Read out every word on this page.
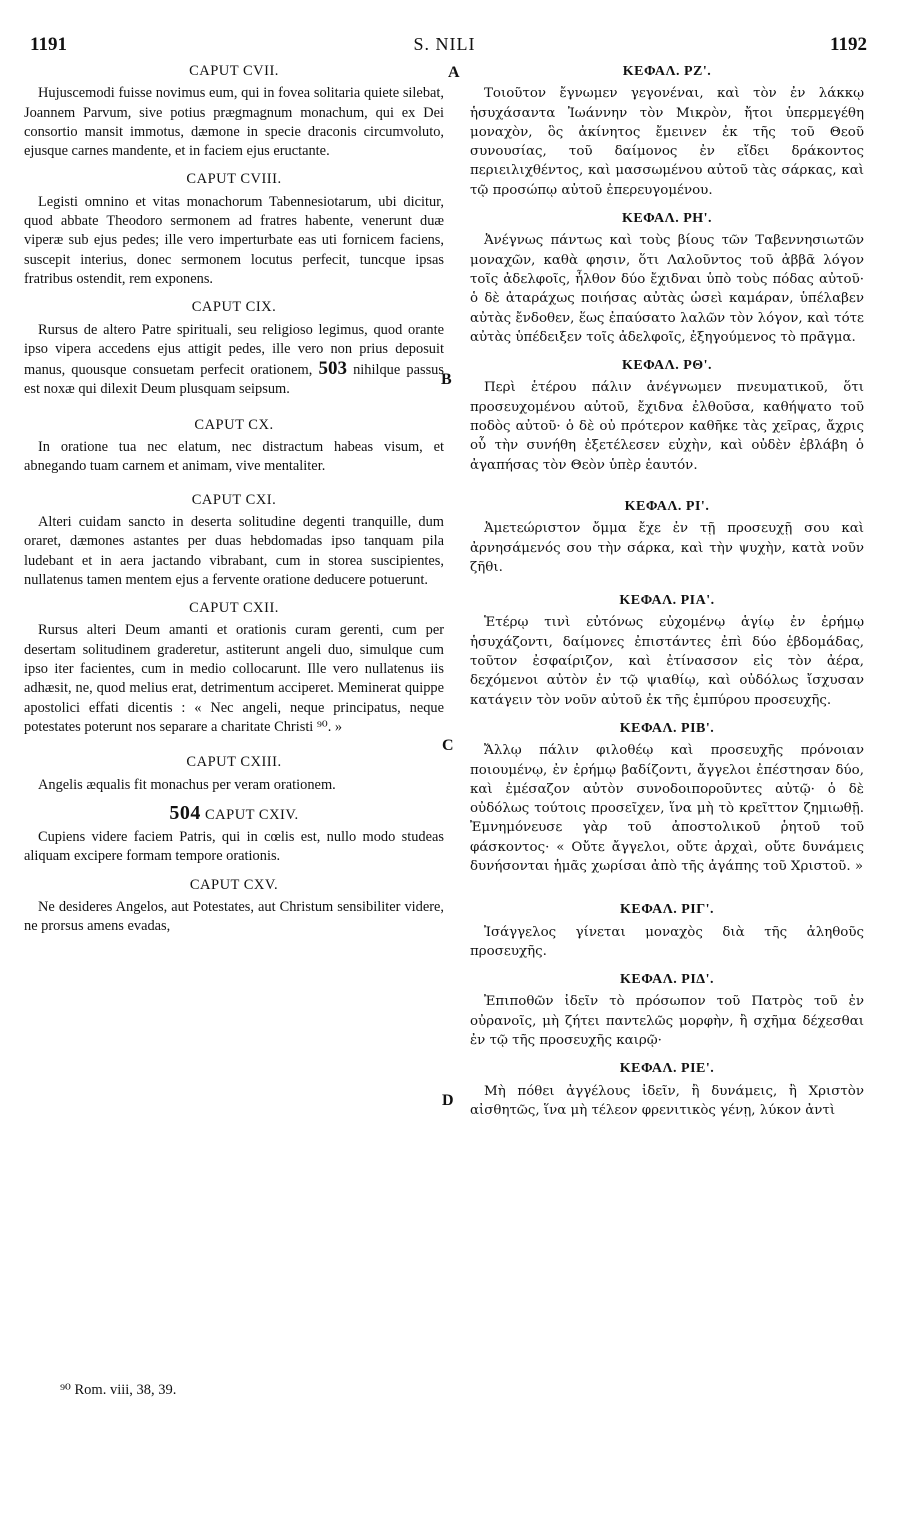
1191	S. NILI	1192
A
B
C
D
CAPUT CVII.

Hujuscemodi fuisse novimus eum, qui in fovea solitaria quiete silebat, Joannem Parvum, sive potius prægmagnum monachum, qui ex Dei consortio mansit immotus, dæmone in specie draconis circumvoluto, ejusque carnes mandente, et in faciem ejus eructante.

CAPUT CVIII.

Legisti omnino et vitas monachorum Tabennesiotarum, ubi dicitur, quod abbate Theodoro sermonem ad fratres habente, venerunt duæ viperæ sub ejus pedes; ille vero imperturbate eas uti fornicem faciens, suscepit interius, donec sermonem locutus perfecit, tuncque ipsas fratribus ostendit, rem exponens.

CAPUT CIX.

Rursus de altero Patre spirituali, seu religioso legimus, quod orante ipso vipera accedens ejus attigit pedes, ille vero non prius deposuit manus, quousque consuetam perfecit orationem, 503 nihilque passus est noxæ qui dilexit Deum plusquam seipsum.

CAPUT CX.

In oratione tua nec elatum, nec distractum habeas visum, et abnegando tuam carnem et animam, vive mentaliter.

CAPUT CXI.

Alteri cuidam sancto in deserta solitudine degenti tranquille, dum oraret, dæmones astantes per duas hebdomadas ipso tanquam pila ludebant et in aera jactando vibrabant, cum in storea suscipientes, nullatenus tamen mentem ejus a fervente oratione deducere potuerunt.

CAPUT CXII.

Rursus alteri Deum amanti et orationis curam gerenti, cum per desertam solitudinem graderetur, astiterunt angeli duo, simulque cum ipso iter facientes, cum in medio collocarunt. Ille vero nullatenus iis adhæsit, ne, quod melius erat, detrimentum acciperet. Meminerat quippe apostolici effati dicentis : « Nec angeli, neque principatus, neque potestates poterunt nos separare a charitate Christi ⁹⁰. »

CAPUT CXIII.

Angelis æqualis fit monachus per veram orationem.

504 CAPUT CXIV.

Cupiens videre faciem Patris, qui in cœlis est, nullo modo studeas aliquam excipere formam tempore orationis.

CAPUT CXV.

Ne desideres Angelos, aut Potestates, aut Christum sensibiliter videre, ne prorsus amens evadas,

ΚΕΦΑΛ. ΡΖ'.

Τοιοῦτον ἔγνωμεν γεγονέναι, καὶ τὸν ἐν λάκκῳ ἡσυχάσαντα Ἰωάννην τὸν Μικρὸν, ἤτοι ὑπερμεγέθη μοναχὸν, ὃς ἀκίνητος ἔμεινεν ἐκ τῆς τοῦ Θεοῦ συνουσίας, τοῦ δαίμονος ἐν εἴδει δράκοντος περιειλιχθέντος, καὶ μασσωμένου αὐτοῦ τὰς σάρκας, καὶ τῷ προσώπῳ αὐτοῦ ἐπερευγομένου.

ΚΕΦΑΛ. ΡΗ'.

Ἀνέγνως πάντως καὶ τοὺς βίους τῶν Ταβεννησιωτῶν μοναχῶν, καθὰ φησιν, ὅτι Λαλοῦντος τοῦ ἀββᾶ λόγον τοῖς ἀδελφοῖς, ἦλθον δύο ἔχιδναι ὑπὸ τοὺς πόδας αὐτοῦ· ὁ δὲ ἀταράχως ποιήσας αὐτὰς ὡσεὶ καμάραν, ὑπέλαβεν αὐτὰς ἔνδοθεν, ἕως ἐπαύσατο λαλῶν τὸν λόγον, καὶ τότε αὐτὰς ὑπέδειξεν τοῖς ἀδελφοῖς, ἐξηγούμενος τὸ πρᾶγμα.

ΚΕΦΑΛ. ΡΘ'.

Περὶ ἑτέρου πάλιν ἀνέγνωμεν πνευματικοῦ, ὅτι προσευχομένου αὐτοῦ, ἔχιδνα ἐλθοῦσα, καθήψατο τοῦ ποδὸς αὐτοῦ· ὁ δὲ οὐ πρότερον καθῆκε τὰς χεῖρας, ἄχρις οὗ τὴν συνήθη ἐξετέλεσεν εὐχὴν, καὶ οὐδὲν ἐβλάβη ὁ ἀγαπήσας τὸν Θεὸν ὑπὲρ ἑαυτόν.

ΚΕΦΑΛ. ΡΙ'.

Ἀμετεώριστον ὄμμα ἔχε ἐν τῇ προσευχῇ σου καὶ ἀρνησάμενός σου τὴν σάρκα, καὶ τὴν ψυχὴν, κατὰ νοῦν ζῆθι.

ΚΕΦΑΛ. ΡΙΑ'.

Ἑτέρῳ τινὶ εὐτόνως εὐχομένῳ ἁγίῳ ἐν ἐρήμῳ ἡσυχάζοντι, δαίμονες ἐπιστάντες ἐπὶ δύο ἑβδομάδας, τοῦτον ἐσφαίριζον, καὶ ἐτίνασσον εἰς τὸν ἀέρα, δεχόμενοι αὐτὸν ἐν τῷ ψιαθίῳ, καὶ οὐδόλως ἴσχυσαν κατάγειν τὸν νοῦν αὐτοῦ ἐκ τῆς ἐμπύρου προσευχῆς.

ΚΕΦΑΛ. ΡΙΒ'.

Ἄλλῳ πάλιν φιλοθέῳ καὶ προσευχῆς πρόνοιαν ποιουμένῳ, ἐν ἐρήμῳ βαδίζοντι, ἄγγελοι ἐπέστησαν δύο, καὶ ἐμέσαζον αὐτὸν συνοδοιποροῦντες αὐτῷ· ὁ δὲ οὐδόλως τούτοις προσεῖχεν, ἵνα μὴ τὸ κρεῖττον ζημιωθῇ. Ἐμνημόνευσε γὰρ τοῦ ἀποστολικοῦ ῥητοῦ τοῦ φάσκοντος· « Οὔτε ἄγγελοι, οὔτε ἀρχαὶ, οὔτε δυνάμεις δυνήσονται ἡμᾶς χωρίσαι ἀπὸ τῆς ἀγάπης τοῦ Χριστοῦ. »

ΚΕΦΑΛ. ΡΙΓ'.

Ἰσάγγελος γίνεται μοναχὸς διὰ τῆς ἀληθοῦς προσευχῆς.

ΚΕΦΑΛ. ΡΙΔ'.

Ἐπιποθῶν ἰδεῖν τὸ πρόσωπον τοῦ Πατρὸς τοῦ ἐν οὐρανοῖς, μὴ ζήτει παντελῶς μορφὴν, ἢ σχῆμα δέχεσθαι ἐν τῷ τῆς προσευχῆς καιρῷ·

ΚΕΦΑΛ. ΡΙΕ'.

Μὴ πόθει ἀγγέλους ἰδεῖν, ἢ δυνάμεις, ἢ Χριστὸν αἰσθητῶς, ἵνα μὴ τέλεον φρενιτικὸς γένῃ, λύκον ἀντὶ

⁹⁰ Rom. viii, 38, 39.
